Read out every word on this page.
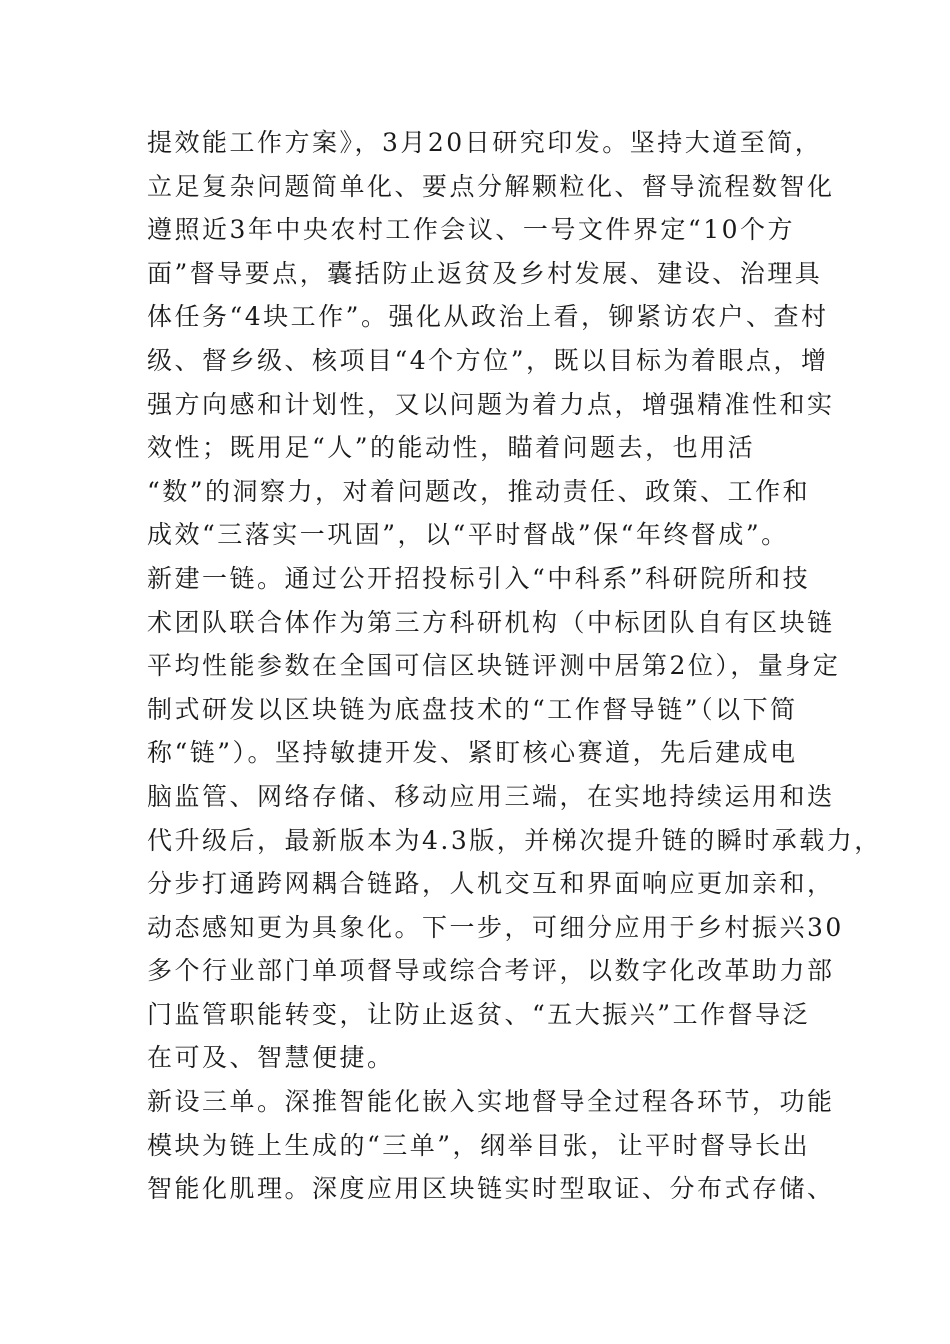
提效能工作方案》，3月20日研究印发。坚持大道至简，
立足复杂问题简单化、要点分解颗粒化、督导流程数智化
遵照近3年中央农村工作会议、一号文件界定“10个方
面”督导要点，囊括防止返贫及乡村发展、建设、治理具
体任务“4块工作”。强化从政治上看，铆紧访农户、查村
级、督乡级、核项目“4个方位”，既以目标为着眼点，增
强方向感和计划性，又以问题为着力点，增强精准性和实
效性；既用足“人”的能动性，瞄着问题去，也用活
“数”的洞察力，对着问题改，推动责任、政策、工作和
成效“三落实一巩固”，以“平时督战”保“年终督成”。
新建一链。通过公开招投标引入“中科系”科研院所和技
术团队联合体作为第三方科研机构（中标团队自有区块链
平均性能参数在全国可信区块链评测中居第2位），量身定
制式研发以区块链为底盘技术的“工作督导链”（以下简
称“链”）。坚持敏捷开发、紧盯核心赛道，先后建成电
脑监管、网络存储、移动应用三端，在实地持续运用和迭
代升级后，最新版本为4.3版，并梯次提升链的瞬时承载力，
分步打通跨网耦合链路，人机交互和界面响应更加亲和，
动态感知更为具象化。下一步，可细分应用于乡村振兴30
多个行业部门单项督导或综合考评，以数字化改革助力部
门监管职能转变，让防止返贫、“五大振兴”工作督导泛
在可及、智慧便捷。
新设三单。深推智能化嵌入实地督导全过程各环节，功能
模块为链上生成的“三单”，纲举目张，让平时督导长出
智能化肌理。深度应用区块链实时型取证、分布式存储、
